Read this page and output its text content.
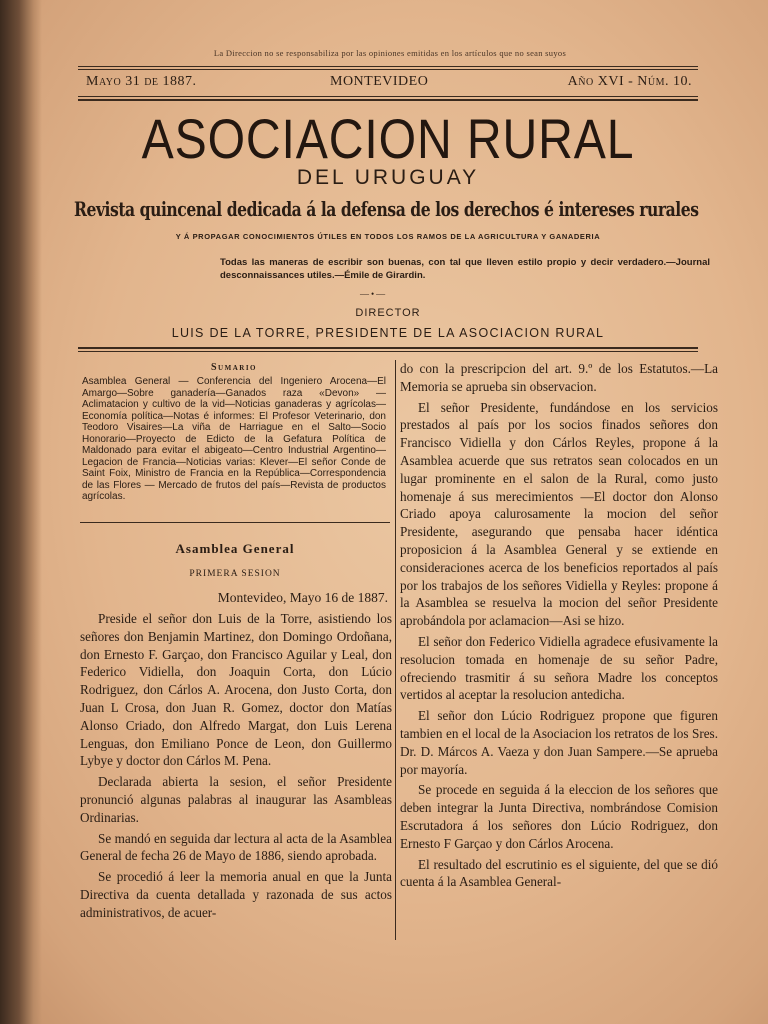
La Direccion no se responsabiliza por las opiniones emitidas en los artículos que no sean suyos
Mayo 31 de 1887.	MONTEVIDEO	Año XVI - Núm. 10.
ASOCIACION RURAL
DEL URUGUAY
Revista quincenal dedicada á la defensa de los derechos é intereses rurales
Y Á PROPAGAR CONOCIMIENTOS ÚTILES EN TODOS LOS RAMOS DE LA AGRICULTURA Y GANADERIA
Todas las maneras de escribir son buenas, con tal que lleven estilo propio y decir verdadero.—Journal desconnaissances utiles.—Émile de Girardin.
—•—
DIRECTOR
LUIS DE LA TORRE, PRESIDENTE DE LA ASOCIACION RURAL
Sumario
Asamblea General — Conferencia del Ingeniero Arocena—El Amargo—Sobre ganadería—Ganados raza «Devon» — Aclimatacion y cultivo de la vid—Noticias ganaderas y agrícolas—Economía política—Notas é informes: El Profesor Veterinario, don Teodoro Visaires—La viña de Harriague en el Salto—Socio Honorario—Proyecto de Edicto de la Gefatura Política de Maldonado para evitar el abigeato—Centro Industrial Argentino—Legacion de Francia—Noticias varias: Klever—El señor Conde de Saint Foix, Ministro de Francia en la República—Correspondencia de las Flores — Mercado de frutos del país—Revista de productos agrícolas.
Asamblea General
PRIMERA SESION
Montevideo, Mayo 16 de 1887.

Preside el señor don Luis de la Torre, asistiendo los señores don Benjamin Martinez, don Domingo Ordoñana, don Ernesto F. Garçao, don Francisco Aguilar y Leal, don Federico Vidiella, don Joaquin Corta, don Lúcio Rodriguez, don Cárlos A. Arocena, don Justo Corta, don Juan L Crosa, don Juan R. Gomez, doctor don Matías Alonso Criado, don Alfredo Margat, don Luis Lerena Lenguas, don Emiliano Ponce de Leon, don Guillermo Lybye y doctor don Cárlos M. Pena.

Declarada abierta la sesion, el señor Presidente pronunció algunas palabras al inaugurar las Asambleas Ordinarias.

Se mandó en seguida dar lectura al acta de la Asamblea General de fecha 26 de Mayo de 1886, siendo aprobada.

Se procedió á leer la memoria anual en que la Junta Directiva da cuenta detallada y razonada de sus actos administrativos, de acuer-

do con la prescripcion del art. 9.º de los Estatutos.—La Memoria se aprueba sin observacion.

El señor Presidente, fundándose en los servicios prestados al país por los socios finados señores don Francisco Vidiella y don Cárlos Reyles, propone á la Asamblea acuerde que sus retratos sean colocados en un lugar prominente en el salon de la Rural, como justo homenaje á sus merecimientos —El doctor don Alonso Criado apoya calurosamente la mocion del señor Presidente, asegurando que pensaba hacer idéntica proposicion á la Asamblea General y se extiende en consideraciones acerca de los beneficios reportados al país por los trabajos de los señores Vidiella y Reyles: propone á la Asamblea se resuelva la mocion del señor Presidente aprobándola por aclamacion—Asi se hizo.

El señor don Federico Vidiella agradece efusivamente la resolucion tomada en homenaje de su señor Padre, ofreciendo trasmitir á su señora Madre los conceptos vertidos al aceptar la resolucion antedicha.

El señor don Lúcio Rodriguez propone que figuren tambien en el local de la Asociacion los retratos de los Sres. Dr. D. Márcos A. Vaeza y don Juan Sampere.—Se aprueba por mayoría.

Se procede en seguida á la eleccion de los señores que deben integrar la Junta Directiva, nombrándose Comision Escrutadora á los señores don Lúcio Rodriguez, don Ernesto F Garçao y don Cárlos Arocena.

El resultado del escrutinio es el siguiente, del que se dió cuenta á la Asamblea General-
